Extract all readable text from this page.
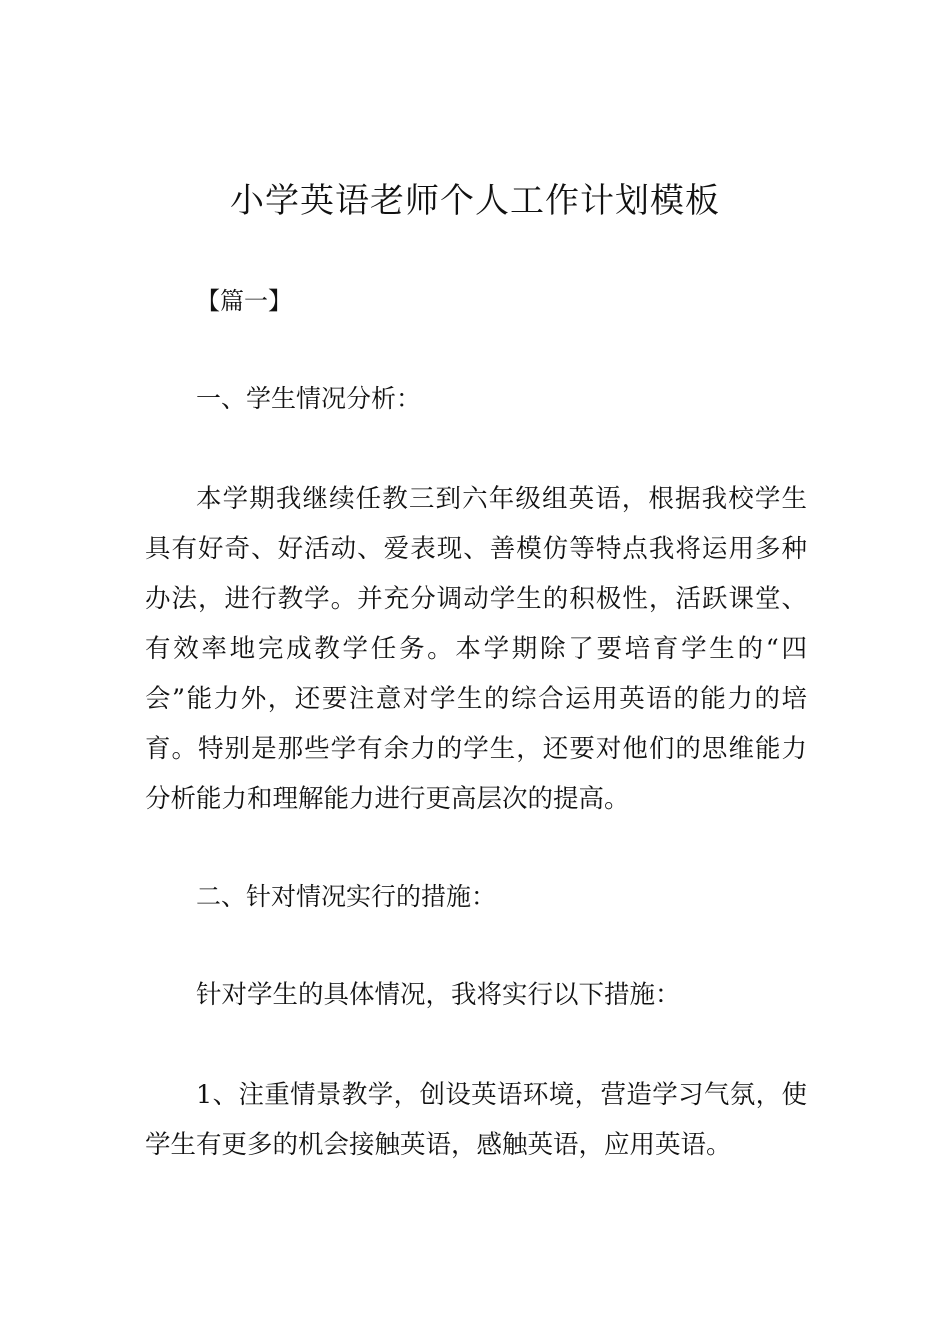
小学英语老师个人工作计划模板

【篇一】

一、学生情况分析：

本学期我继续任教三到六年级组英语，根据我校学生具有好奇、好活动、爱表现、善模仿等特点我将运用多种办法，进行教学。并充分调动学生的积极性，活跃课堂、有效率地完成教学任务。本学期除了要培育学生的“四会”能力外，还要注意对学生的综合运用英语的能力的培育。特别是那些学有余力的学生，还要对他们的思维能力分析能力和理解能力进行更高层次的提高。

二、针对情况实行的措施：

针对学生的具体情况，我将实行以下措施：

1、注重情景教学，创设英语环境，营造学习气氛，使学生有更多的机会接触英语，感触英语，应用英语。
